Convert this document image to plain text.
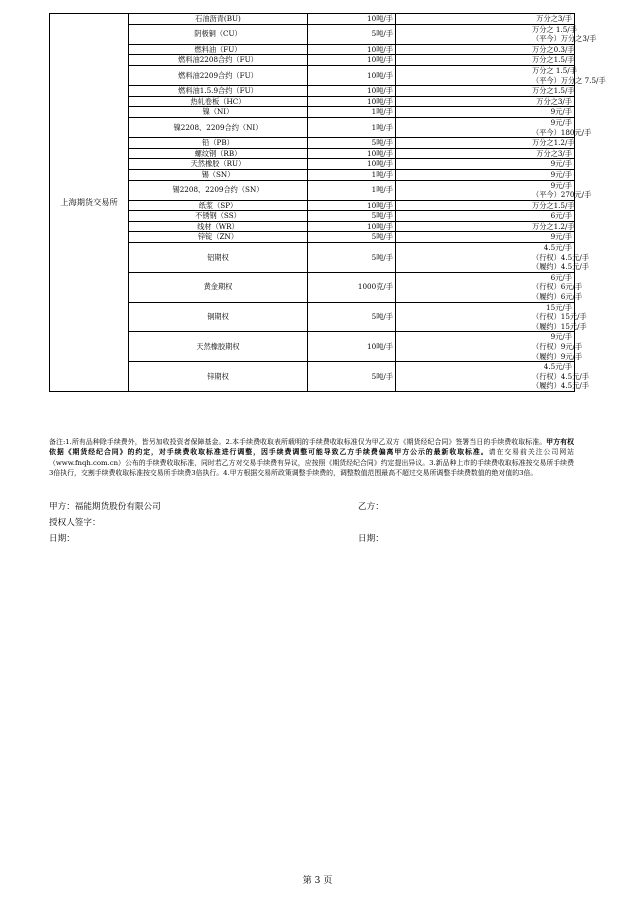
上海期货交易所	石油沥青(BU)	10吨/手	万分之3/手

	阴极铜（CU）	5吨/手	万分之 1.5/手
（平今）万分之3/手

	燃料油（FU）	10吨/手	万分之0.3/手

	燃料油2208合约（FU）	10吨/手	万分之1.5/手

	燃料油2209合约（FU）	10吨/手	万分之 1.5/手
（平今）万分之 7.5/手

	燃料油1.5.9合约（FU）	10吨/手	万分之1.5/手

	热轧卷板（HC）	10吨/手	万分之3/手

	镍（NI）	1吨/手	9元/手

	镍2208、2209合约（NI）	1吨/手	9元/手
（平今）180元/手

	铅（PB）	5吨/手	万分之1.2/手

	螺纹钢（RB）	10吨/手	万分之3/手

	天然橡胶（RU）	10吨/手	9元/手

	锡（SN）	1吨/手	9元/手

	锡2208、2209合约（SN）	1吨/手	9元/手
（平今）270元/手

	纸浆（SP）	10吨/手	万分之1.5/手

	不锈钢（SS）	5吨/手	6元/手

	线材（WR）	10吨/手	万分之1.2/手

	锌锭（ZN）	5吨/手	9元/手

	铝期权	5吨/手	4.5元/手
（行权） 4.5元/手
（履约） 4.5元/手

	黄金期权	1000克/手	6元/手
（行权） 6元/手
（履约） 6元/手

	铜期权	5吨/手	15元/手
（行权） 15元/手
（履约） 15元/手

	天然橡胶期权	10吨/手	9元/手
（行权） 9元/手
（履约） 9元/手

	锌期权	5吨/手	4.5元/手
（行权） 4.5元/手
（履约） 4.5元/手
备注:1.所有品种除手续费外，皆另加收投资者保障基金。2.本手续费收取表所载明的手续费收取标准仅为甲乙双方《期货经纪合同》签署当日的手续费收取标准。甲方有权依据《期货经纪合同》的约定，对手续费收取标准进行调整，因手续费调整可能导致乙方手续费偏离甲方公示的最新收取标准。请在交易前关注公司网站（www.fnqh.com.cn）公布的手续费收取标准，同时若乙方对交易手续费有异议，应按照《期货经纪合同》约定提出异议。3.新品种上市的手续费收取标准按交易所手续费3倍执行，交割手续费收取标准按交易所手续费3倍执行。4.甲方根据交易所政策调整手续费的，调整数值范围最高不超过交易所调整手续费数值的绝对值的3倍。
甲方：福能期货股份有限公司	乙方：
授权人签字：
日期：	日期：
第 3 页
